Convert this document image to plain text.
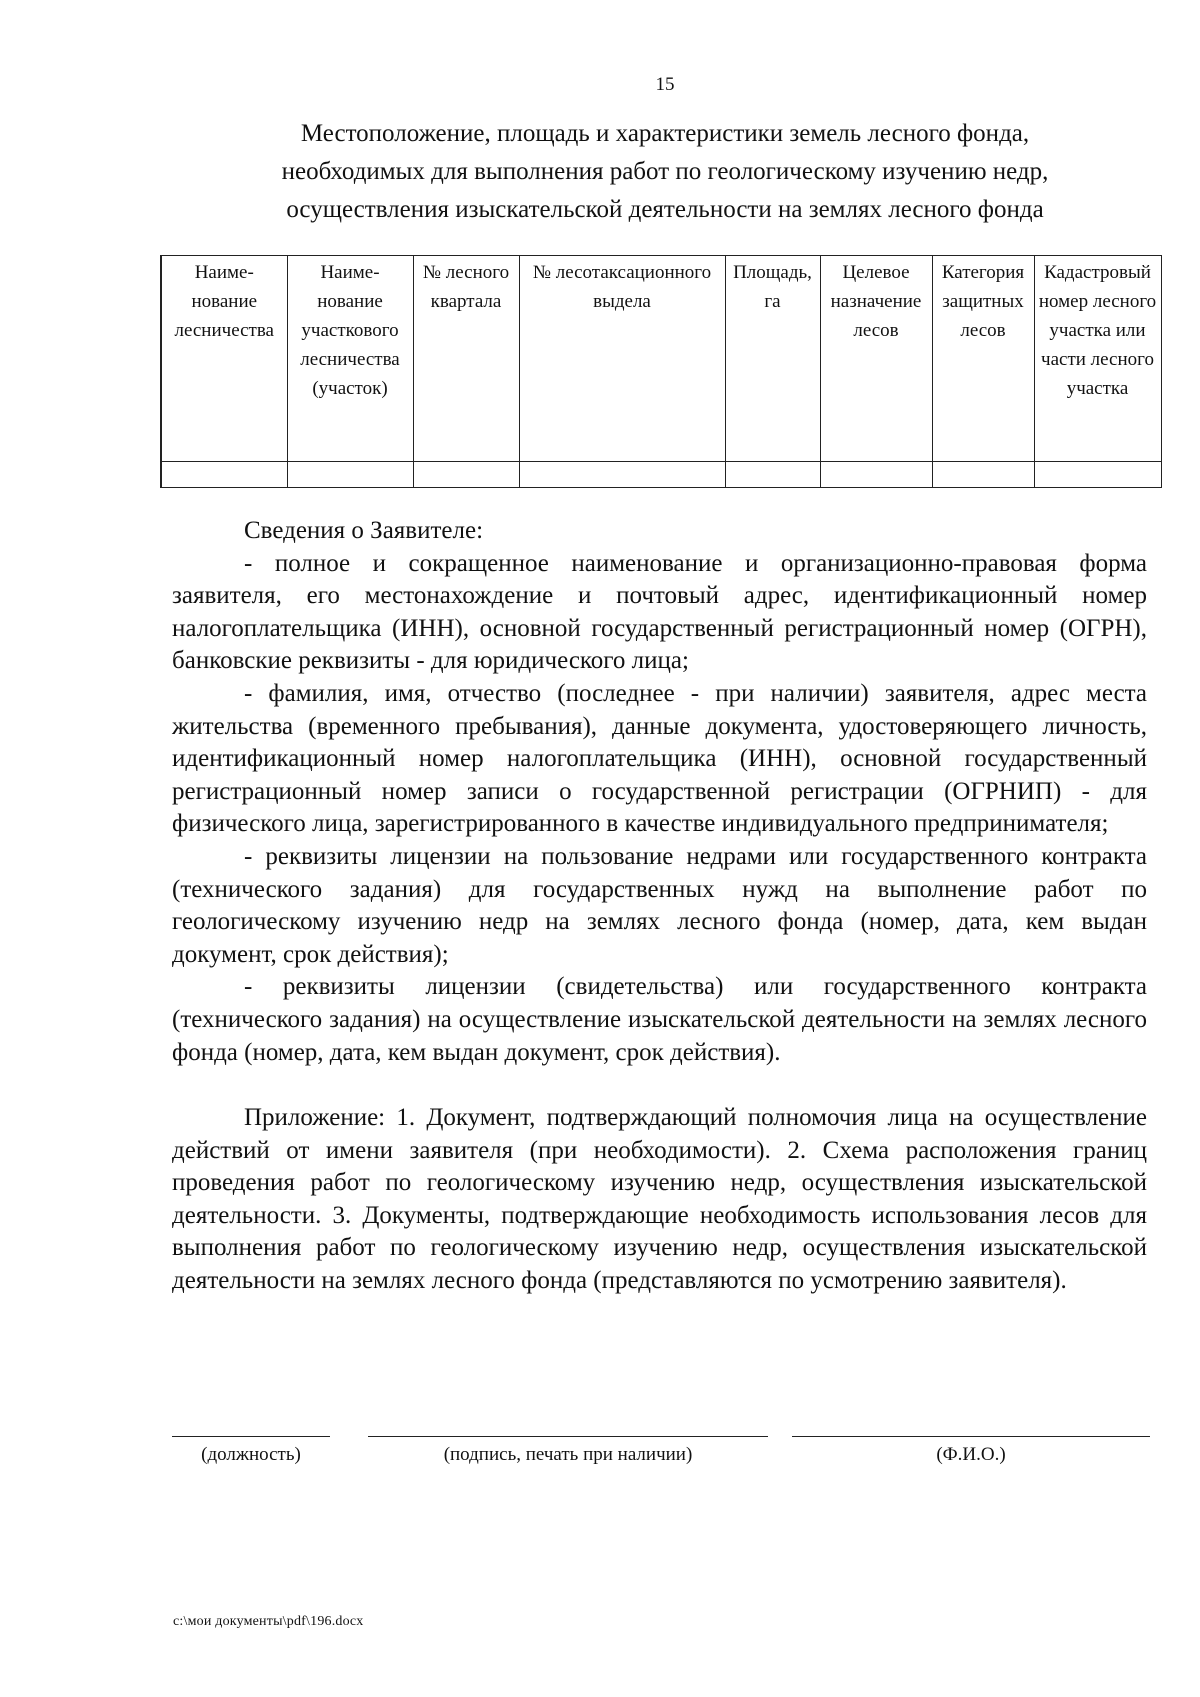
15
Местоположение, площадь и характеристики земель лесного фонда,
необходимых для выполнения работ по геологическому изучению недр,
осуществления изыскательской деятельности на землях лесного фонда
Наиме-нование лесничества	Наиме-нование участкового лесничества (участок)	№ лесного квартала	№ лесотаксационного выдела	Площадь, га	Целевое назначение лесов	Категория защитных лесов	Кадастровый номер лесного участка или части лесного участка

Сведения о Заявителе:

- полное и сокращенное наименование и организационно-правовая форма заявителя, его местонахождение и почтовый адрес, идентификационный номер налогоплательщика (ИНН), основной государственный регистрационный номер (ОГРН), банковские реквизиты - для юридического лица;

- фамилия, имя, отчество (последнее - при наличии) заявителя, адрес места жительства (временного пребывания), данные документа, удостоверяющего личность, идентификационный номер налогоплательщика (ИНН), основной государственный регистрационный номер записи о государственной регистрации (ОГРНИП) - для физического лица, зарегистрированного в качестве индивидуального предпринимателя;

- реквизиты лицензии на пользование недрами или государственного контракта (технического задания) для государственных нужд на выполнение работ по геологическому изучению недр на землях лесного фонда (номер, дата, кем выдан документ, срок действия);

- реквизиты лицензии (свидетельства) или государственного контракта (технического задания) на осуществление изыскательской деятельности на землях лесного фонда (номер, дата, кем выдан документ, срок действия).

Приложение: 1. Документ, подтверждающий полномочия лица на осуществление действий от имени заявителя (при необходимости). 2. Схема расположения границ проведения работ по геологическому изучению недр, осуществления изыскательской деятельности. 3. Документы, подтверждающие необходимость использования лесов для выполнения работ по геологическому изучению недр, осуществления изыскательской деятельности на землях лесного фонда (представляются по усмотрению заявителя).

(должность)	(подпись, печать при наличии)	(Ф.И.О.)
c:\мои документы\pdf\196.docx
